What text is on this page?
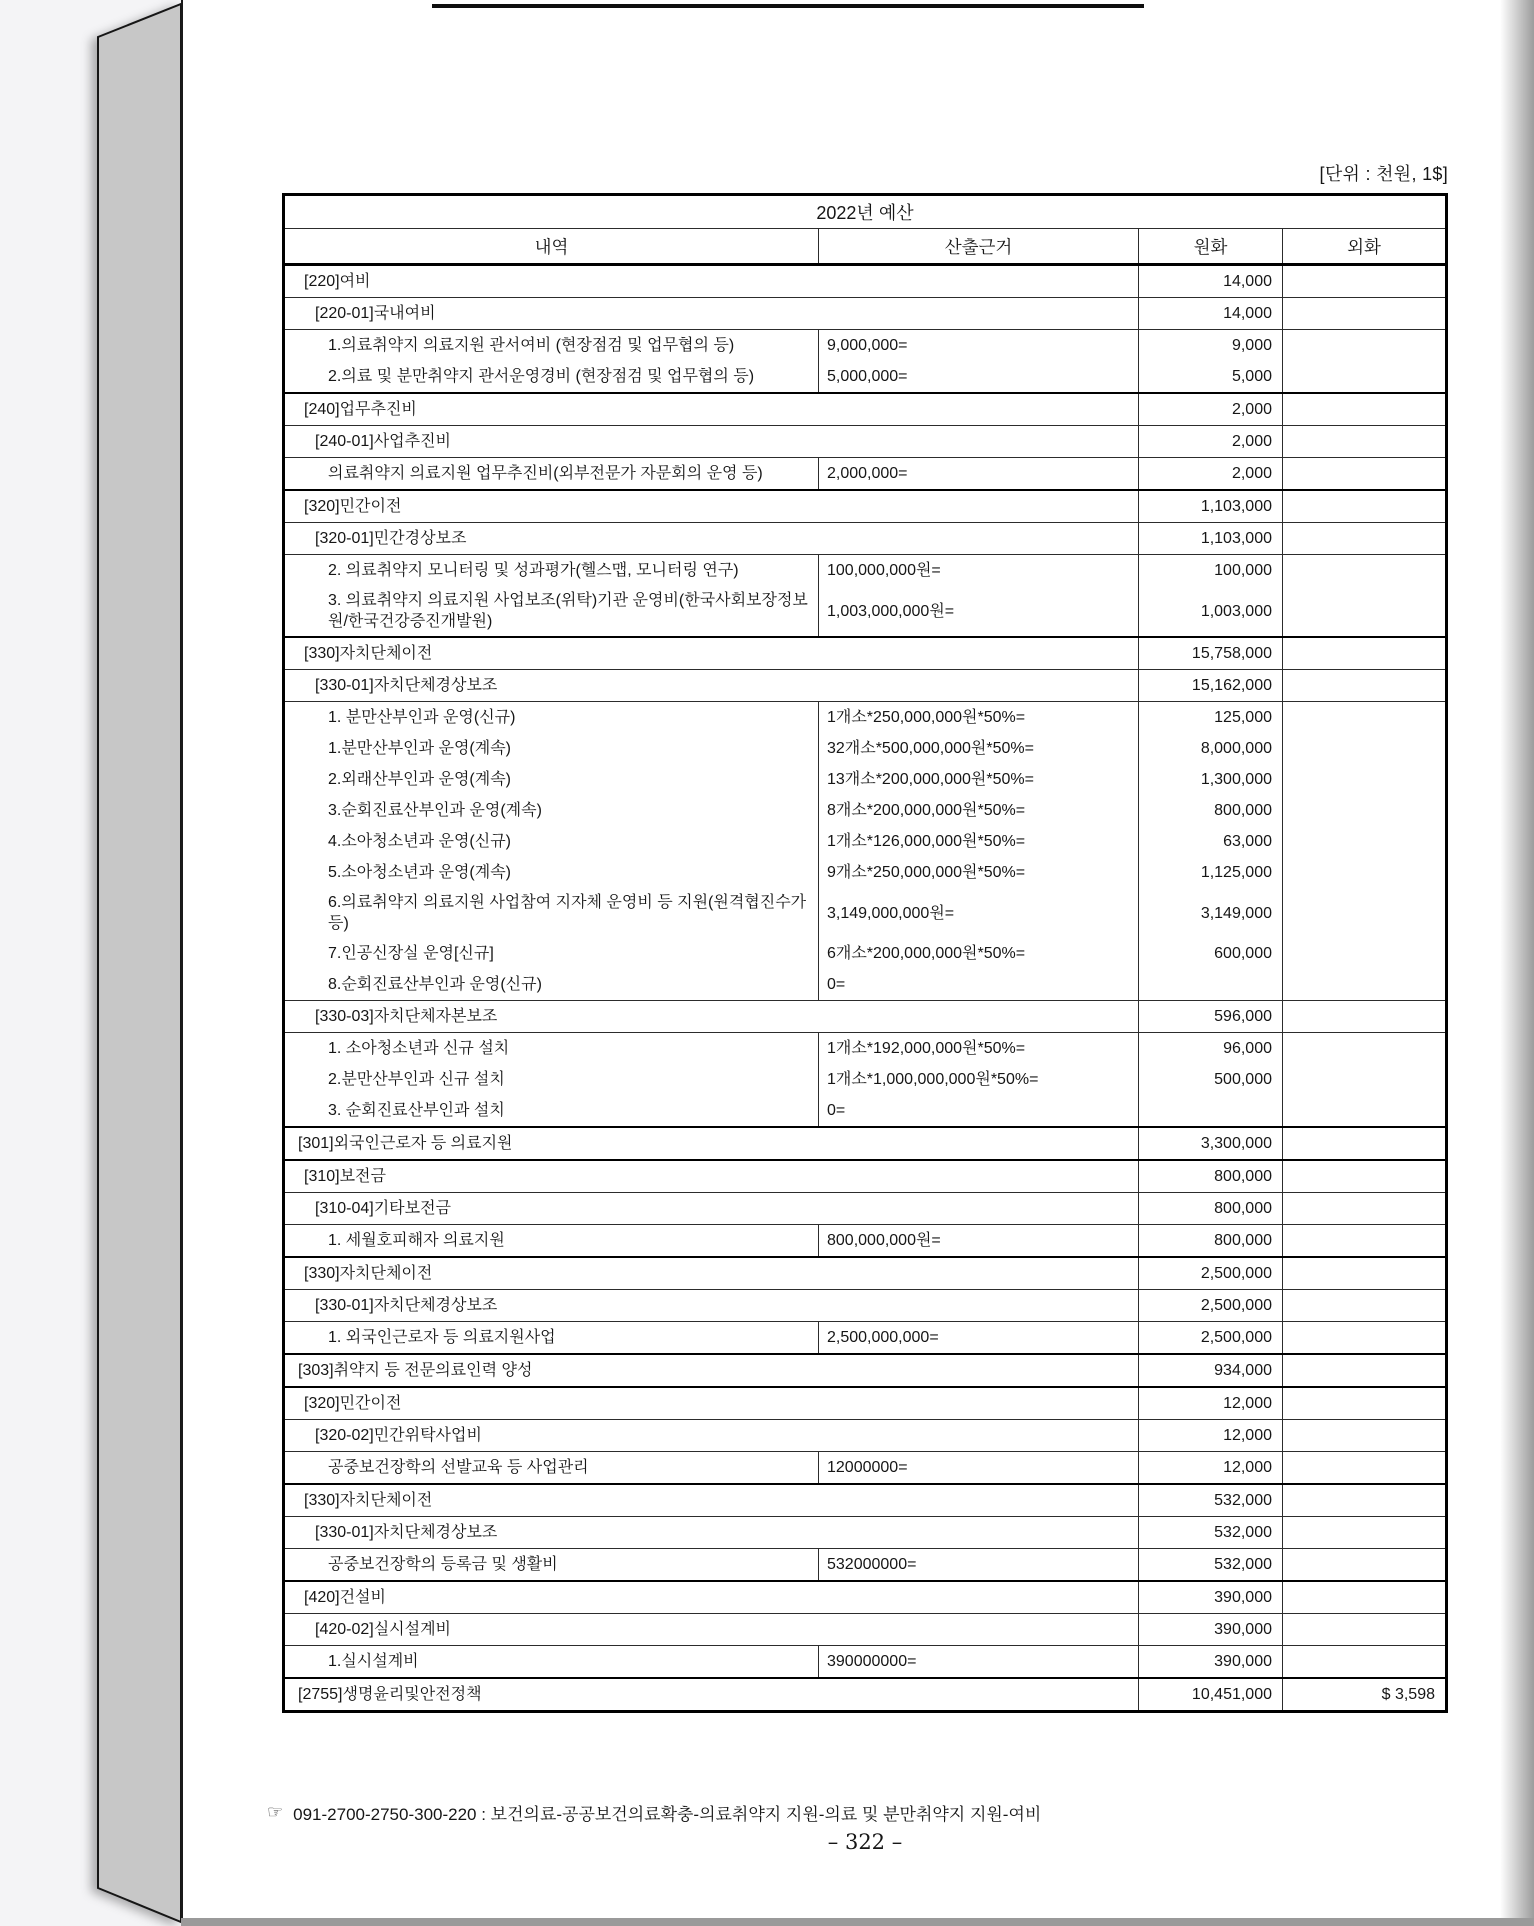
[단위 : 천원, 1$]
2022년 예산
내역	산출근거	원화	외화
[220]여비	14,000
[220-01]국내여비	14,000
1.의료취약지 의료지원 관서여비 (현장점검 및 업무협의 등)	9,000,000=	9,000
2.의료 및 분만취약지 관서운영경비 (현장점검 및 업무협의 등)	5,000,000=	5,000
[240]업무추진비	2,000
[240-01]사업추진비	2,000
의료취약지 의료지원 업무추진비(외부전문가 자문회의 운영 등)	2,000,000=	2,000
[320]민간이전	1,103,000
[320-01]민간경상보조	1,103,000
2. 의료취약지 모니터링 및 성과평가(헬스맵, 모니터링 연구)	100,000,000원=	100,000
3. 의료취약지 의료지원 사업보조(위탁)기관 운영비(한국사회보장정보원/한국건강증진개발원)
1,003,000,000원=	1,003,000
[330]자치단체이전	15,758,000
[330-01]자치단체경상보조	15,162,000
1. 분만산부인과 운영(신규)	1개소*250,000,000원*50%=	125,000
1.분만산부인과 운영(계속)	32개소*500,000,000원*50%=	8,000,000
2.외래산부인과 운영(계속)	13개소*200,000,000원*50%=	1,300,000
3.순회진료산부인과 운영(계속)	8개소*200,000,000원*50%=	800,000
4.소아청소년과 운영(신규)	1개소*126,000,000원*50%=	63,000
5.소아청소년과 운영(계속)	9개소*250,000,000원*50%=	1,125,000
6.의료취약지 의료지원 사업참여 지자체 운영비 등 지원(원격협진수가 등)
3,149,000,000원=	3,149,000
7.인공신장실 운영[신규]	6개소*200,000,000원*50%=	600,000
8.순회진료산부인과 운영(신규)	0=
[330-03]자치단체자본보조	596,000
1. 소아청소년과 신규 설치	1개소*192,000,000원*50%=	96,000
2.분만산부인과 신규 설치	1개소*1,000,000,000원*50%=	500,000
3. 순회진료산부인과 설치	0=
[301]외국인근로자 등 의료지원	3,300,000
[310]보전금	800,000
[310-04]기타보전금	800,000
1. 세월호피해자 의료지원	800,000,000원=	800,000
[330]자치단체이전	2,500,000
[330-01]자치단체경상보조	2,500,000
1. 외국인근로자 등 의료지원사업	2,500,000,000=	2,500,000
[303]취약지 등 전문의료인력 양성	934,000
[320]민간이전	12,000
[320-02]민간위탁사업비	12,000
공중보건장학의 선발교육 등 사업관리	12000000=	12,000
[330]자치단체이전	532,000
[330-01]자치단체경상보조	532,000
공중보건장학의 등록금 및 생활비	532000000=	532,000
[420]건설비	390,000
[420-02]실시설계비	390,000
1.실시설계비	390000000=	390,000
[2755]생명윤리및안전정책	10,451,000	$ 3,598
☞ 091-2700-2750-300-220 : 보건의료-공공보건의료확충-의료취약지 지원-의료 및 분만취약지 지원-여비
– 322 –
